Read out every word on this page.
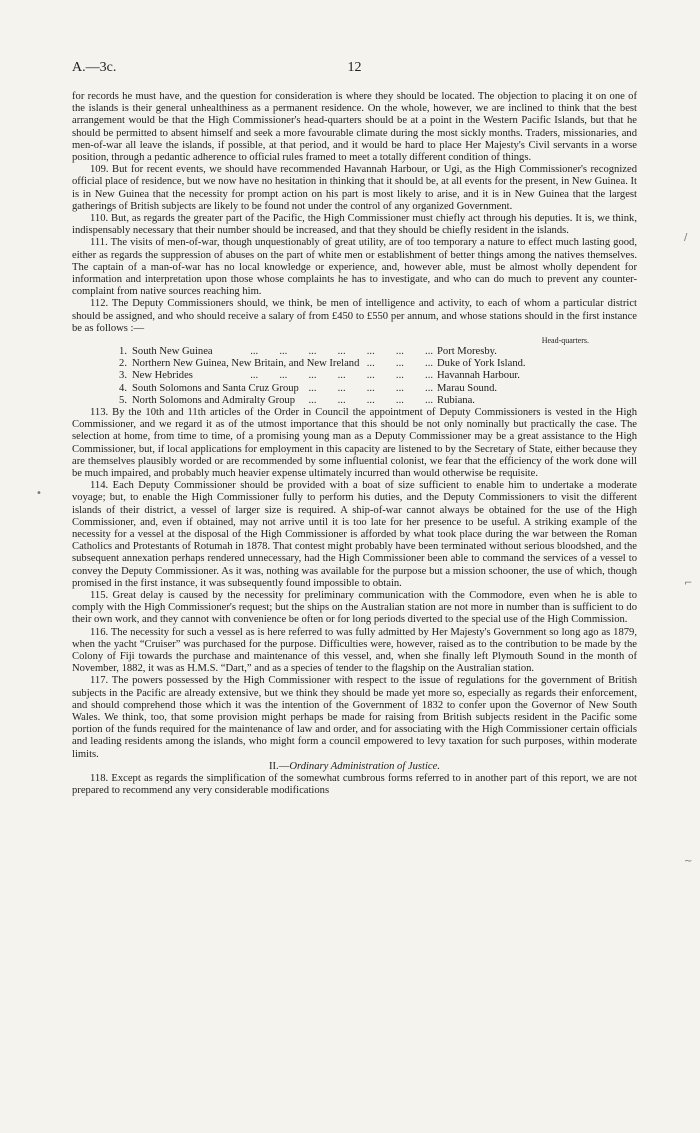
A.—3c.	12

for records he must have, and the question for consideration is where they should be located. The objection to placing it on one of the islands is their general unhealthiness as a permanent residence. On the whole, however, we are inclined to think that the best arrangement would be that the High Commissioner's head-quarters should be at a point in the Western Pacific Islands, but that he should be permitted to absent himself and seek a more favourable climate during the most sickly months. Traders, missionaries, and men-of-war all leave the islands, if possible, at that period, and it would be hard to place Her Majesty's Civil servants in a worse position, through a pedantic adherence to official rules framed to meet a totally different condition of things.

109. But for recent events, we should have recommended Havannah Harbour, or Ugi, as the High Commissioner's recognized official place of residence, but we now have no hesitation in thinking that it should be, at all events for the present, in New Guinea. It is in New Guinea that the necessity for prompt action on his part is most likely to arise, and it is in New Guinea that the largest gatherings of British subjects are likely to be found not under the control of any organized Government.

110. But, as regards the greater part of the Pacific, the High Commissioner must chiefly act through his deputies. It is, we think, indispensably necessary that their number should be increased, and that they should be chiefly resident in the islands.

111. The visits of men-of-war, though unquestionably of great utility, are of too temporary a nature to effect much lasting good, either as regards the suppression of abuses on the part of white men or establishment of better things among the natives themselves. The captain of a man-of-war has no local knowledge or experience, and, however able, must be almost wholly dependent for information and interpretation upon those whose complaints he has to investigate, and who can do much to prevent any counter-complaint from native sources reaching him.

112. The Deputy Commissioners should, we think, be men of intelligence and activity, to each of whom a particular district should be assigned, and who should receive a salary of from £450 to £550 per annum, and whose stations should in the first instance be as follows :—

Head-quarters.

1. South New Guinea ...	Port Moresby.
2. Northern New Guinea, New Britain, and New Ireland ...	Duke of York Island.
3. New Hebrides ...	Havannah Harbour.
4. South Solomons and Santa Cruz Group ...	Marau Sound.
5. North Solomons and Admiralty Group ...	Rubiana.

113. By the 10th and 11th articles of the Order in Council the appointment of Deputy Commissioners is vested in the High Commissioner, and we regard it as of the utmost importance that this should be not only nominally but practically the case. The selection at home, from time to time, of a promising young man as a Deputy Commissioner may be a great assistance to the High Commissioner, but, if local applications for employment in this capacity are listened to by the Secretary of State, either because they are themselves plausibly worded or are recommended by some influential colonist, we fear that the efficiency of the work done will be much impaired, and probably much heavier expense ultimately incurred than would otherwise be requisite.

114. Each Deputy Commissioner should be provided with a boat of size sufficient to enable him to undertake a moderate voyage; but, to enable the High Commissioner fully to perform his duties, and the Deputy Commissioners to visit the different islands of their district, a vessel of larger size is required. A ship-of-war cannot always be obtained for the use of the High Commissioner, and, even if obtained, may not arrive until it is too late for her presence to be useful. A striking example of the necessity for a vessel at the disposal of the High Commissioner is afforded by what took place during the war between the Roman Catholics and Protestants of Rotumah in 1878. That contest might probably have been terminated without serious bloodshed, and the subsequent annexation perhaps rendered unnecessary, had the High Commissioner been able to command the services of a vessel to convey the Deputy Commissioner. As it was, nothing was available for the purpose but a mission schooner, the use of which, though promised in the first instance, it was subsequently found impossible to obtain.

115. Great delay is caused by the necessity for preliminary communication with the Commodore, even when he is able to comply with the High Commissioner's request; but the ships on the Australian station are not more in number than is sufficient to do their own work, and they cannot with convenience be often or for long periods diverted to the special use of the High Commission.

116. The necessity for such a vessel as is here referred to was fully admitted by Her Majesty's Government so long ago as 1879, when the yacht “Cruiser” was purchased for the purpose. Difficulties were, however, raised as to the contribution to be made by the Colony of Fiji towards the purchase and maintenance of this vessel, and, when she finally left Plymouth Sound in the month of November, 1882, it was as H.M.S. “Dart,” and as a species of tender to the flagship on the Australian station.

117. The powers possessed by the High Commissioner with respect to the issue of regulations for the government of British subjects in the Pacific are already extensive, but we think they should be made yet more so, especially as regards their enforcement, and should comprehend those which it was the intention of the Government of 1832 to confer upon the Governor of New South Wales. We think, too, that some provision might perhaps be made for raising from British subjects resident in the Pacific some portion of the funds required for the maintenance of law and order, and for associating with the High Commissioner certain officials and leading residents among the islands, who might form a council empowered to levy taxation for such purposes, within moderate limits.

II.—Ordinary Administration of Justice.

118. Except as regards the simplification of the somewhat cumbrous forms referred to in another part of this report, we are not prepared to recommend any very considerable modifications

/
•
⌐
~
